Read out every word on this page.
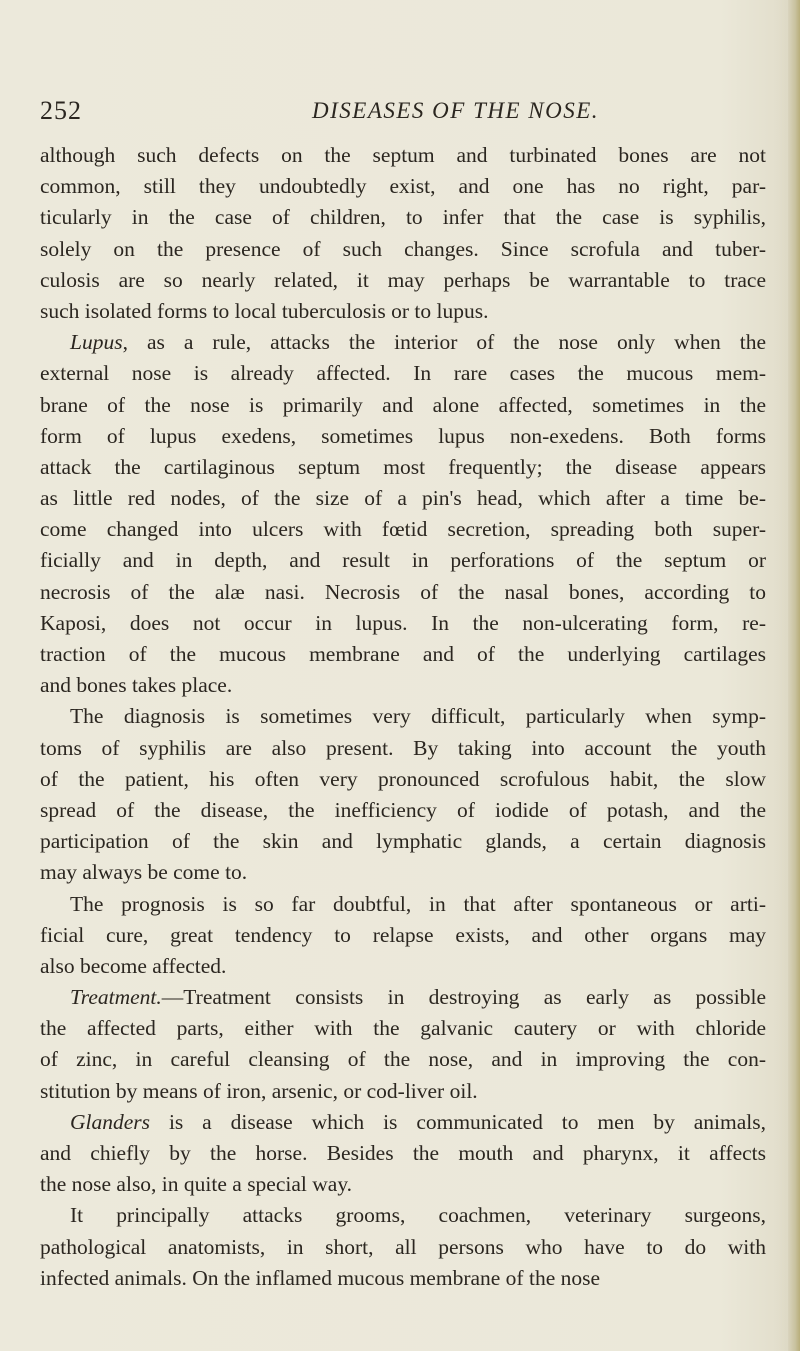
252	DISEASES OF THE NOSE.
although such defects on the septum and turbinated bones are not
common, still they undoubtedly exist, and one has no right, par-
ticularly in the case of children, to infer that the case is syphilis,
solely on the presence of such changes. Since scrofula and tuber-
culosis are so nearly related, it may perhaps be warrantable to trace
such isolated forms to local tuberculosis or to lupus.
Lupus, as a rule, attacks the interior of the nose only when the
external nose is already affected. In rare cases the mucous mem-
brane of the nose is primarily and alone affected, sometimes in the
form of lupus exedens, sometimes lupus non-exedens. Both forms
attack the cartilaginous septum most frequently; the disease appears
as little red nodes, of the size of a pin's head, which after a time be-
come changed into ulcers with fœtid secretion, spreading both super-
ficially and in depth, and result in perforations of the septum or
necrosis of the alæ nasi. Necrosis of the nasal bones, according to
Kaposi, does not occur in lupus. In the non-ulcerating form, re-
traction of the mucous membrane and of the underlying cartilages
and bones takes place.
The diagnosis is sometimes very difficult, particularly when symp-
toms of syphilis are also present. By taking into account the youth
of the patient, his often very pronounced scrofulous habit, the slow
spread of the disease, the inefficiency of iodide of potash, and the
participation of the skin and lymphatic glands, a certain diagnosis
may always be come to.
The prognosis is so far doubtful, in that after spontaneous or arti-
ficial cure, great tendency to relapse exists, and other organs may
also become affected.
Treatment.—Treatment consists in destroying as early as possible
the affected parts, either with the galvanic cautery or with chloride
of zinc, in careful cleansing of the nose, and in improving the con-
stitution by means of iron, arsenic, or cod-liver oil.
Glanders is a disease which is communicated to men by animals,
and chiefly by the horse. Besides the mouth and pharynx, it affects
the nose also, in quite a special way.
It principally attacks grooms, coachmen, veterinary surgeons,
pathological anatomists, in short, all persons who have to do with
infected animals. On the inflamed mucous membrane of the nose
